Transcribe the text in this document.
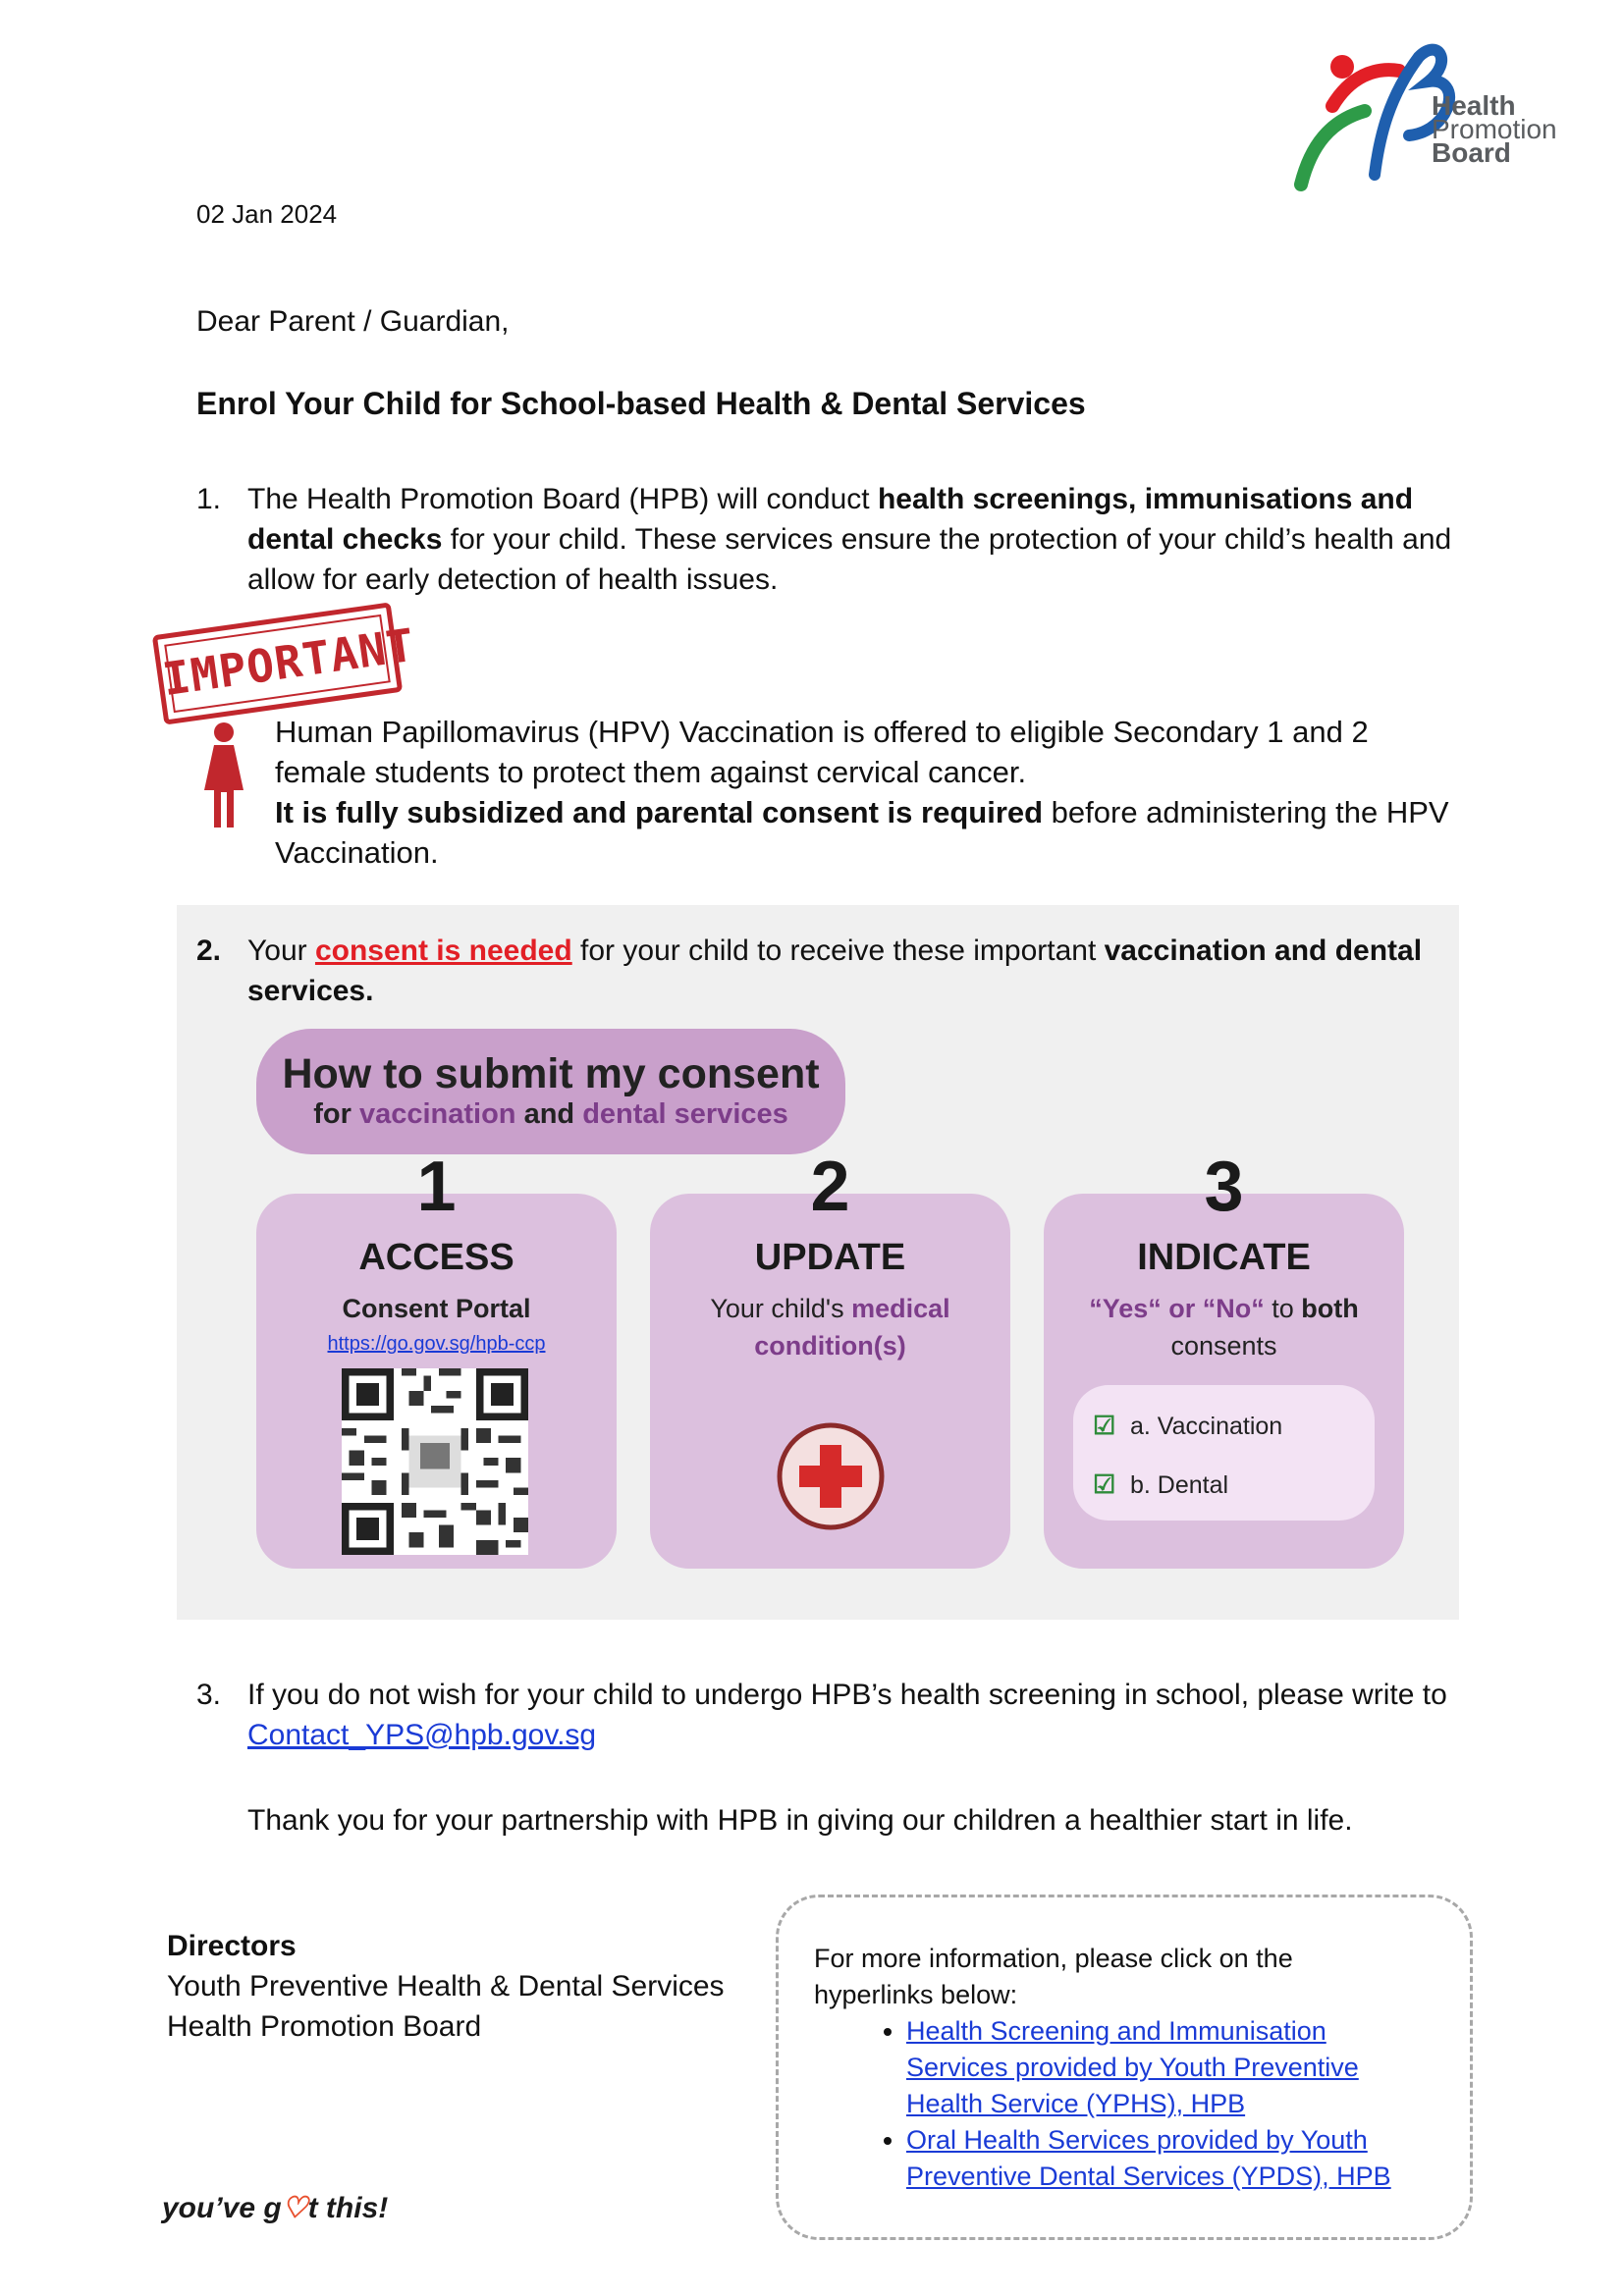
Health
Promotion
Board
02 Jan 2024
Dear Parent / Guardian,
Enrol Your Child for School-based Health & Dental Services
1. The Health Promotion Board (HPB) will conduct health screenings, immunisations and dental checks for your child. These services ensure the protection of your child’s health and allow for early detection of health issues.
IMPORTANT

Human Papillomavirus (HPV) Vaccination is offered to eligible Secondary 1 and 2 female students to protect them against cervical cancer.

It is fully subsidized and parental consent is required before administering the HPV Vaccination.

2. Your consent is needed for your child to receive these important vaccination and dental services.
How to submit my consent
for vaccination and dental services
1
ACCESS
Consent Portal
https://go.gov.sg/hpb-ccp
2
UPDATE
Your child's medical
condition(s)
3
INDICATE
“Yes“ or “No“ to both
consents
☑ a. Vaccination
☑ b. Dental
3. If you do not wish for your child to undergo HPB’s health screening in school, please write to Contact_YPS@hpb.gov.sg
Thank you for your partnership with HPB in giving our children a healthier start in life.
Directors
Youth Preventive Health & Dental Services
Health Promotion Board
For more information, please click on the hyperlinks below:
• Health Screening and Immunisation Services provided by Youth Preventive Health Service (YPHS), HPB
• Oral Health Services provided by Youth Preventive Dental Services (YPDS), HPB
you’ve g♡t this!
